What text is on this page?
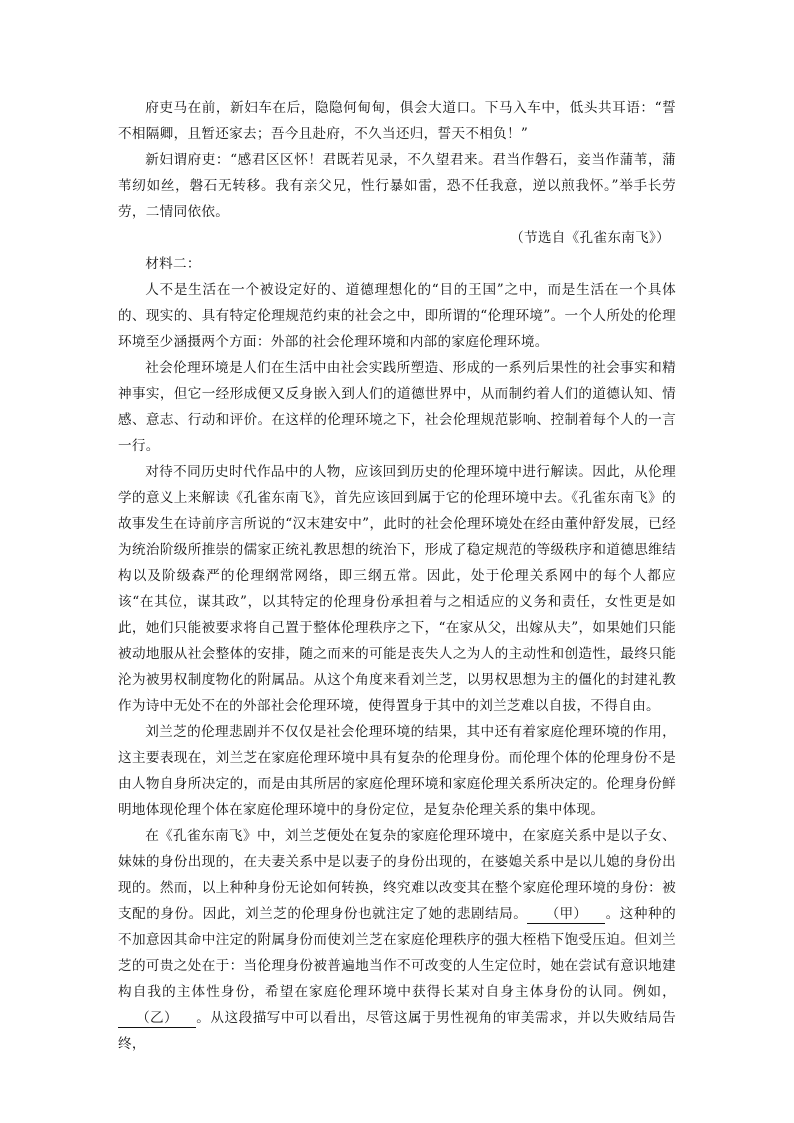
府吏马在前，新妇车在后，隐隐何甸甸，俱会大道口。下马入车中，低头共耳语：“誓不相隔卿，且暂还家去；吾今且赴府，不久当还归，誓天不相负！”

新妇谓府吏：“感君区区怀！君既若见录，不久望君来。君当作磐石，妾当作蒲苇，蒲苇纫如丝，磐石无转移。我有亲父兄，性行暴如雷，恐不任我意，逆以煎我怀。”举手长劳劳，二情同依依。

（节选自《孔雀东南飞》）

材料二：

人不是生活在一个被设定好的、道德理想化的“目的王国”之中，而是生活在一个具体的、现实的、具有特定伦理规范约束的社会之中，即所谓的“伦理环境”。一个人所处的伦理环境至少涵摄两个方面：外部的社会伦理环境和内部的家庭伦理环境。

社会伦理环境是人们在生活中由社会实践所塑造、形成的一系列后果性的社会事实和精神事实，但它一经形成便又反身嵌入到人们的道德世界中，从而制约着人们的道德认知、情感、意志、行动和评价。在这样的伦理环境之下，社会伦理规范影响、控制着每个人的一言一行。

对待不同历史时代作品中的人物，应该回到历史的伦理环境中进行解读。因此，从伦理学的意义上来解读《孔雀东南飞》，首先应该回到属于它的伦理环境中去。《孔雀东南飞》的故事发生在诗前序言所说的“汉末建安中”，此时的社会伦理环境处在经由董仲舒发展，已经为统治阶级所推崇的儒家正统礼教思想的统治下，形成了稳定规范的等级秩序和道德思维结构以及阶级森严的伦理纲常网络，即三纲五常。因此，处于伦理关系网中的每个人都应该“在其位，谋其政”，以其特定的伦理身份承担着与之相适应的义务和责任，女性更是如此，她们只能被要求将自己置于整体伦理秩序之下，“在家从父，出嫁从夫”，如果她们只能被动地服从社会整体的安排，随之而来的可能是丧失人之为人的主动性和创造性，最终只能沦为被男权制度物化的附属品。从这个角度来看刘兰芝，以男权思想为主的僵化的封建礼教作为诗中无处不在的外部社会伦理环境，使得置身于其中的刘兰芝难以自拔，不得自由。

刘兰芝的伦理悲剧并不仅仅是社会伦理环境的结果，其中还有着家庭伦理环境的作用，这主要表现在，刘兰芝在家庭伦理环境中具有复杂的伦理身份。而伦理个体的伦理身份不是由人物自身所决定的，而是由其所居的家庭伦理环境和家庭伦理关系所决定的。伦理身份鲜明地体现伦理个体在家庭伦理环境中的身份定位，是复杂伦理关系的集中体现。

在《孔雀东南飞》中，刘兰芝便处在复杂的家庭伦理环境中，在家庭关系中是以子女、妹妹的身份出现的，在夫妻关系中是以妻子的身份出现的，在婆媳关系中是以儿媳的身份出现的。然而，以上种种身份无论如何转换，终究难以改变其在整个家庭伦理环境的身份：被支配的身份。因此，刘兰芝的伦理身份也就注定了她的悲剧结局。 （甲） 。这种种的不加意因其命中注定的附属身份而使刘兰芝在家庭伦理秩序的强大桎梏下饱受压迫。但刘兰芝的可贵之处在于：当伦理身份被普遍地当作不可改变的人生定位时，她在尝试有意识地建构自我的主体性身份，希望在家庭伦理环境中获得长某对自身主体身份的认同。例如，（乙） 。从这段描写中可以看出，尽管这属于男性视角的审美需求，并以失败结局告终，
